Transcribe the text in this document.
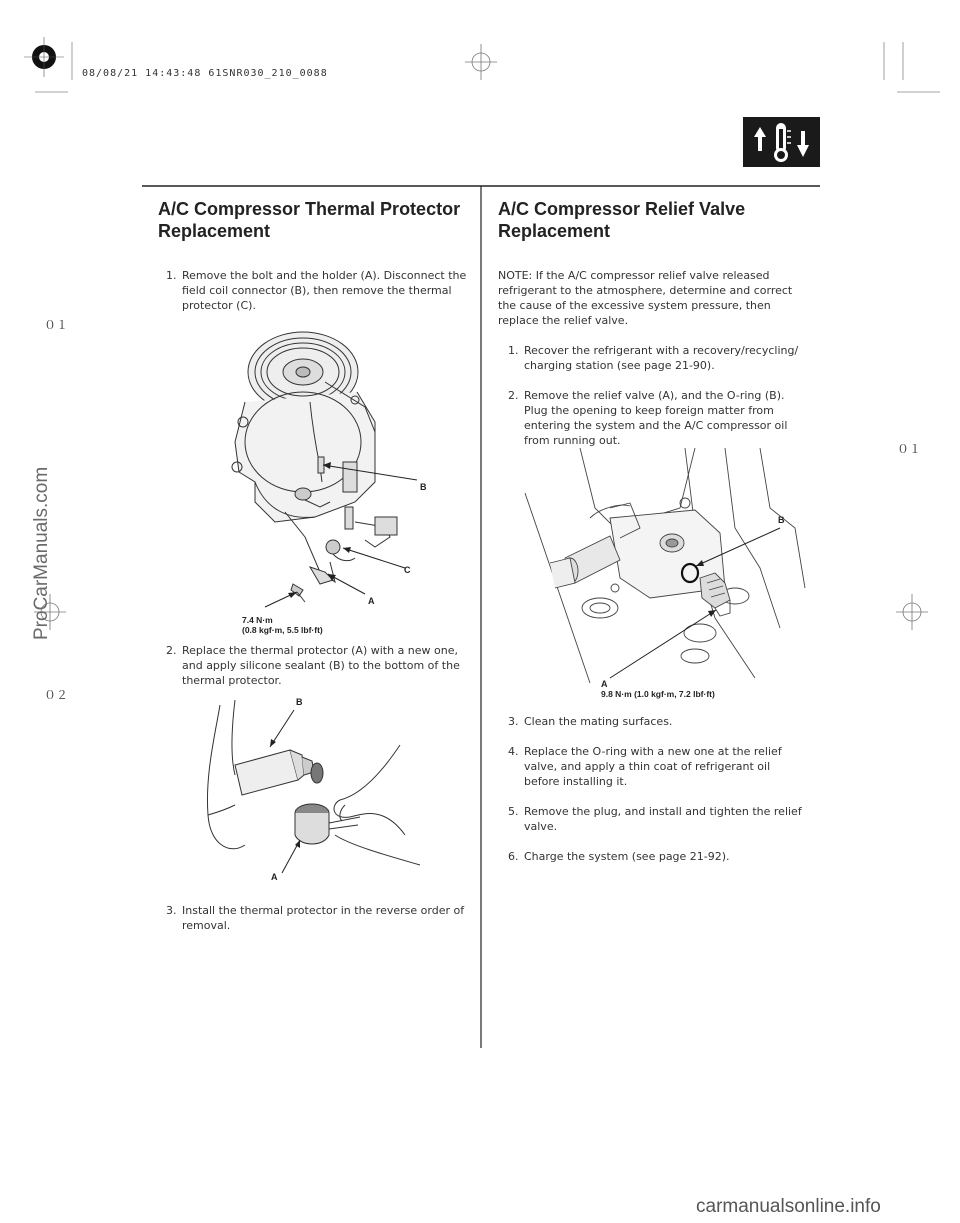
08/08/21 14:43:48 61SNR030_210_0088
A/C Compressor Thermal Protector
Replacement
A/C Compressor Relief Valve
Replacement
1. Remove the bolt and the holder (A). Disconnect the field coil connector (B), then remove the thermal protector (C).
B
C
A
7.4 N·m
(0.8 kgf·m, 5.5 lbf·ft)
2. Replace the thermal protector (A) with a new one, and apply silicone sealant (B) to the bottom of the thermal protector.
B
A
3. Install the thermal protector in the reverse order of removal.
NOTE: If the A/C compressor relief valve released refrigerant to the atmosphere, determine and correct the cause of the excessive system pressure, then replace the relief valve.
1. Recover the refrigerant with a recovery/recycling/ charging station (see page 21-90).
2. Remove the relief valve (A), and the O-ring (B). Plug the opening to keep foreign matter from entering the system and the A/C compressor oil from running out.
B
A
9.8 N·m (1.0 kgf·m, 7.2 lbf·ft)
3. Clean the mating surfaces.
4. Replace the O-ring with a new one at the relief valve, and apply a thin coat of refrigerant oil before installing it.
5. Remove the plug, and install and tighten the relief valve.
6. Charge the system (see page 21-92).
０１
０２
０１
ProCarManuals.com
carmanualsonline.info
